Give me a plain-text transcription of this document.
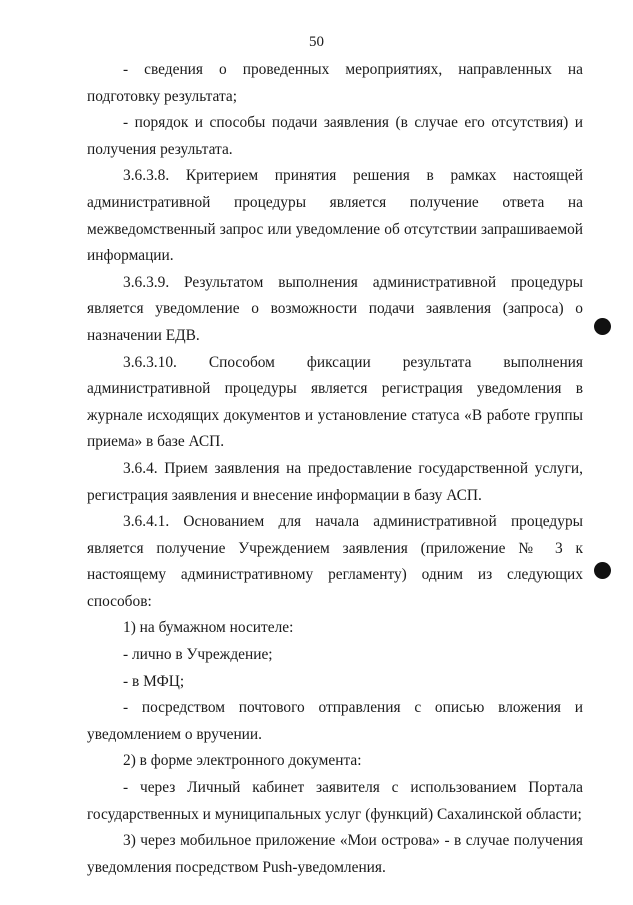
50

- сведения о проведенных мероприятиях, направленных на подготовку результата;

- порядок и способы подачи заявления (в случае его отсутствия) и получения результата.

3.6.3.8. Критерием принятия решения в рамках настоящей административной процедуры является получение ответа на межведомственный запрос или уведомление об отсутствии запрашиваемой информации.

3.6.3.9. Результатом выполнения административной процедуры является уведомление о возможности подачи заявления (запроса) о назначении ЕДВ.

3.6.3.10. Способом фиксации результата выполнения административной процедуры является регистрация уведомления в журнале исходящих документов и установление статуса «В работе группы приема» в базе АСП.

3.6.4. Прием заявления на предоставление государственной услуги, регистрация заявления и внесение информации в базу АСП.

3.6.4.1. Основанием для начала административной процедуры является получение Учреждением заявления (приложение № 3 к настоящему административному регламенту) одним из следующих способов:

1) на бумажном носителе:

- лично в Учреждение;

- в МФЦ;

- посредством почтового отправления с описью вложения и уведомлением о вручении.

2) в форме электронного документа:

- через Личный кабинет заявителя с использованием Портала государственных и муниципальных услуг (функций) Сахалинской области;

3) через мобильное приложение «Мои острова» - в случае получения уведомления посредством Push-уведомления.
